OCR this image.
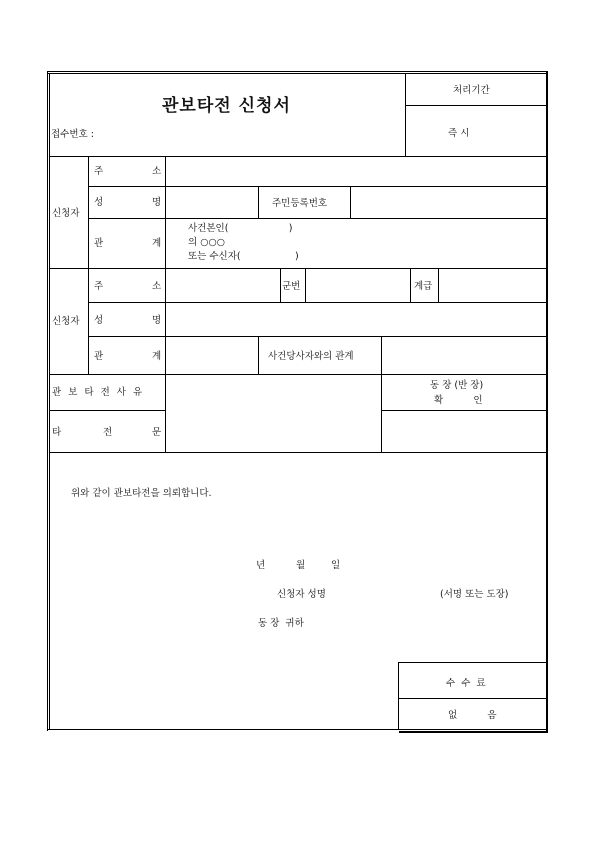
관보타전 신청서
접수번호 :
처리기간
즉 시
신청자
주	소
성	명	주민등록번호
관	계
사건본인(                    )
의 ○○○
또는 수신자(                  )
신청자
주	소	군번	계급
성	명
관	계	사건당사자와의 관계
관 보 타 전 사 유
타	전	문
동 장 (반 장)
확          인
위와 같이 관보타전을 의뢰합니다.
년	월	일
신청자 성명	(서명 또는 도장)
동 장  귀하
수  수  료
없          음
